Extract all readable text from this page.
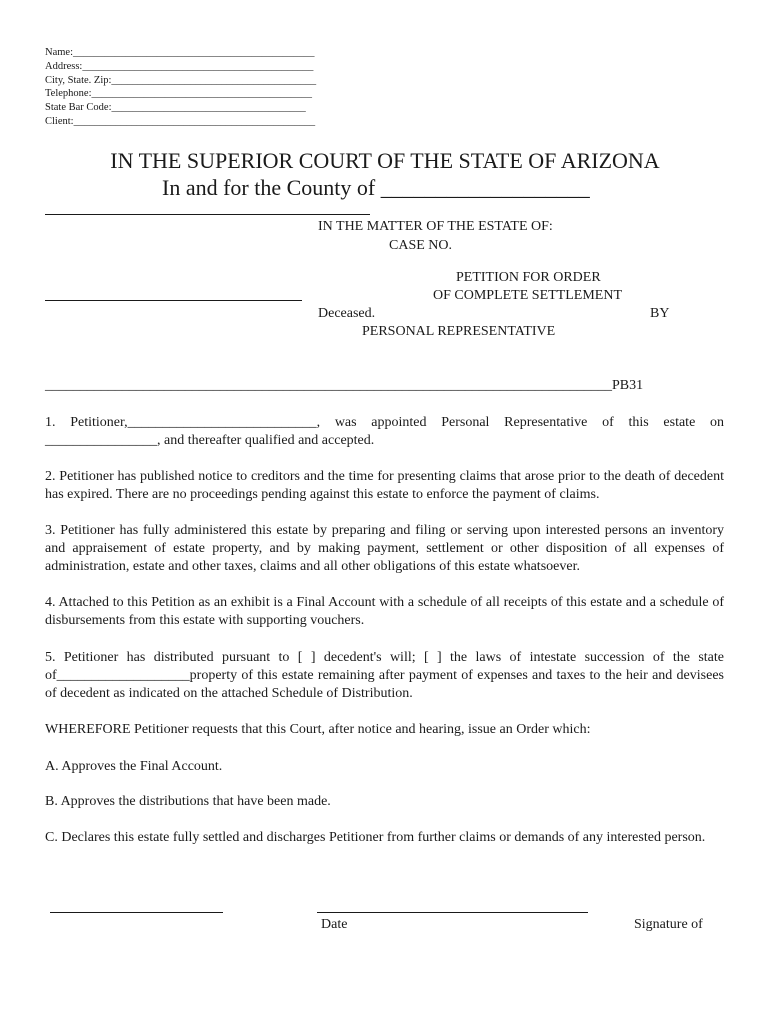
Name:______________________________________________
Address:____________________________________________
City, State. Zip:_______________________________________
Telephone:__________________________________________
State Bar Code:_____________________________________
Client:______________________________________________
IN THE SUPERIOR COURT OF THE STATE OF ARIZONA
In and for the County of ___________________
IN THE MATTER OF THE ESTATE OF:
CASE NO.
PETITION FOR ORDER
OF COMPLETE SETTLEMENT
Deceased.	BY
PERSONAL REPRESENTATIVE
_________________________________________________________________________________PB31
1. Petitioner,___________________________, was appointed Personal Representative of this estate on ________________, and thereafter qualified and accepted.
2. Petitioner has published notice to creditors and the time for presenting claims that arose prior to the death of decedent has expired. There are no proceedings pending against this estate to enforce the payment of claims.
3. Petitioner has fully administered this estate by preparing and filing or serving upon interested persons an inventory and appraisement of estate property, and by making payment, settlement or other disposition of all expenses of administration, estate and other taxes, claims and all other obligations of this estate whatsoever.
4. Attached to this Petition as an exhibit is a Final Account with a schedule of all receipts of this estate and a schedule of disbursements from this estate with supporting vouchers.
5. Petitioner has distributed pursuant to [ ] decedent's will; [ ] the laws of intestate succession of the state of___________________property of this estate remaining after payment of expenses and taxes to the heir and devisees of decedent as indicated on the attached Schedule of Distribution.
WHEREFORE Petitioner requests that this Court, after notice and hearing, issue an Order which:
A. Approves the Final Account.
B. Approves the distributions that have been made.
C. Declares this estate fully settled and discharges Petitioner from further claims or demands of any interested person.
Date	Signature of
